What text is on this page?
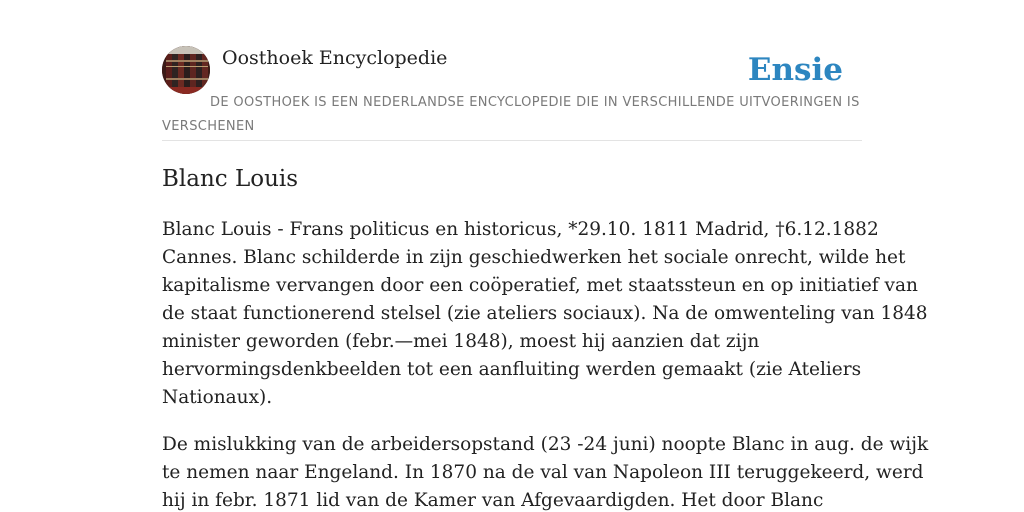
Oosthoek Encyclopedie	Ensie

DE OOSTHOEK IS EEN NEDERLANDSE ENCYCLOPEDIE DIE IN VERSCHILLENDE UITVOERINGEN IS VERSCHENEN

Blanc Louis

Blanc Louis - Frans politicus en historicus, *29.10. 1811 Madrid, †6.12.1882
Cannes. Blanc schilderde in zijn geschiedwerken het sociale onrecht, wilde het
kapitalisme vervangen door een coöperatief, met staatssteun en op initiatief van
de staat functionerend stelsel (zie ateliers sociaux). Na de omwenteling van 1848
minister geworden (febr.—mei 1848), moest hij aanzien dat zijn
hervormingsdenkbeelden tot een aanfluiting werden gemaakt (zie Ateliers
Nationaux).

De mislukking van de arbeidersopstand (23 -24 juni) noopte Blanc in aug. de wijk
te nemen naar Engeland. In 1870 na de val van Napoleon III teruggekeerd, werd
hij in febr. 1871 lid van de Kamer van Afgevaardigden. Het door Blanc
